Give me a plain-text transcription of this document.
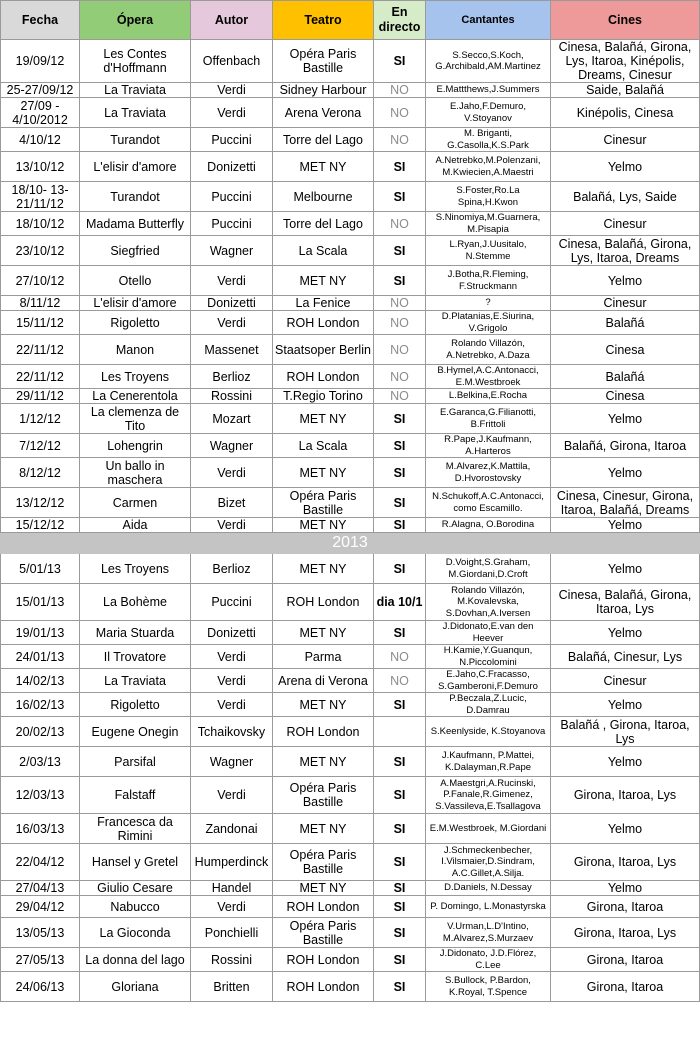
Fecha	Ópera	Autor	Teatro	En directo	Cantantes	Cines
19/09/12	Les Contes d'Hoffmann	Offenbach	Opéra Paris Bastille	SI	S.Secco,S.Koch, G.Archibald,AM.Martinez	Cinesa, Balañá, Girona, Lys, Itaroa, Kinépolis, Dreams, Cinesur
25-27/09/12	La Traviata	Verdi	Sidney Harbour	NO	E.Mattthews,J.Summers	Saide, Balañá
27/09 - 4/10/2012	La Traviata	Verdi	Arena Verona	NO	E.Jaho,F.Demuro, V.Stoyanov	Kinépolis, Cinesa
4/10/12	Turandot	Puccini	Torre del Lago	NO	M. Briganti, G.Casolla,K.S.Park	Cinesur
13/10/12	L'elisir d'amore	Donizetti	MET NY	SI	A.Netrebko,M.Polenzani, M.Kwiecien,A.Maestri	Yelmo
18/10- 13-21/11/12	Turandot	Puccini	Melbourne	SI	S.Foster,Ro.La Spina,H.Kwon	Balañá, Lys, Saide
18/10/12	Madama Butterfly	Puccini	Torre del Lago	NO	S.Ninomiya,M.Guarnera, M.Pisapia	Cinesur
23/10/12	Siegfried	Wagner	La Scala	SI	L.Ryan,J.Uusitalo, N.Stemme	Cinesa, Balañá, Girona, Lys, Itaroa, Dreams
27/10/12	Otello	Verdi	MET NY	SI	J.Botha,R.Fleming, F.Struckmann	Yelmo
8/11/12	L'elisir d'amore	Donizetti	La Fenice	NO	?	Cinesur
15/11/12	Rigoletto	Verdi	ROH London	NO	D.Platanias,E.Siurina, V.Grigolo	Balañá
22/11/12	Manon	Massenet	Staatsoper Berlin	NO	Rolando Villazón, A.Netrebko, A.Daza	Cinesa
22/11/12	Les Troyens	Berlioz	ROH London	NO	B.Hymel,A.C.Antonacci, E.M.Westbroek	Balañá
29/11/12	La Cenerentola	Rossini	T.Regio Torino	NO	L.Belkina,E.Rocha	Cinesa
1/12/12	La clemenza de Tito	Mozart	MET NY	SI	E.Garanca,G.Filianotti, B.Frittoli	Yelmo
7/12/12	Lohengrin	Wagner	La Scala	SI	R.Pape,J.Kaufmann, A.Harteros	Balañá, Girona, Itaroa
8/12/12	Un ballo in maschera	Verdi	MET NY	SI	M.Alvarez,K.Mattila, D.Hvorostovsky	Yelmo
13/12/12	Carmen	Bizet	Opéra Paris Bastille	SI	N.Schukoff,A.C.Antonacci, como Escamillo.	Cinesa, Cinesur, Girona, Itaroa, Balañá, Dreams
15/12/12	Aida	Verdi	MET NY	SI	R.Alagna, O.Borodina	Yelmo
2013						
5/01/13	Les Troyens	Berlioz	MET NY	SI	D.Voight,S.Graham, M.Giordani,D.Croft	Yelmo
15/01/13	La Bohème	Puccini	ROH London	dia 10/1	Rolando Villazón, M.Kovalevska, S.Dovhan,A.Iversen	Cinesa, Balañá, Girona, Itaroa, Lys
19/01/13	Maria Stuarda	Donizetti	MET NY	SI	J.Didonato,E.van den Heever	Yelmo
24/01/13	Il Trovatore	Verdi	Parma	NO	H.Kamie,Y.Guanqun, N.Piccolomini	Balañá, Cinesur, Lys
14/02/13	La Traviata	Verdi	Arena di Verona	NO	E.Jaho,C.Fracasso, S.Gamberoni,F.Demuro	Cinesur
16/02/13	Rigoletto	Verdi	MET NY	SI	P.Beczala,Z.Lucic, D.Damrau	Yelmo
20/02/13	Eugene Onegin	Tchaikovsky	ROH London		S.Keenlyside, K.Stoyanova	Balañá , Girona, Itaroa, Lys
2/03/13	Parsifal	Wagner	MET NY	SI	J.Kaufmann, P.Mattei, K.Dalayman,R.Pape	Yelmo
12/03/13	Falstaff	Verdi	Opéra Paris Bastille	SI	A.Maestgri,A.Rucinski, P.Fanale,R.Gimenez, S.Vassileva,E.Tsallagova	Girona, Itaroa, Lys
16/03/13	Francesca da Rimini	Zandonai	MET NY	SI	E.M.Westbroek, M.Giordani	Yelmo
22/04/12	Hansel y Gretel	Humperdinck	Opéra Paris Bastille	SI	J.Schmeckenbecher, I.Vilsmaier,D.Sindram, A.C.Gillet,A.Silja.	Girona, Itaroa, Lys
27/04/13	Giulio Cesare	Handel	MET NY	SI	D.Daniels, N.Dessay	Yelmo
29/04/12	Nabucco	Verdi	ROH London	SI	P. Domingo, L.Monastyrska	Girona, Itaroa
13/05/13	La Gioconda	Ponchielli	Opéra Paris Bastille	SI	V.Urman,L.D'Intino, M.Alvarez,S.Murzaev	Girona, Itaroa, Lys
27/05/13	La donna del lago	Rossini	ROH London	SI	J.Didonato, J.D.Flórez, C.Lee	Girona, Itaroa
24/06/13	Gloriana	Britten	ROH London	SI	S.Bullock, P.Bardon, K.Royal, T.Spence	Girona, Itaroa
